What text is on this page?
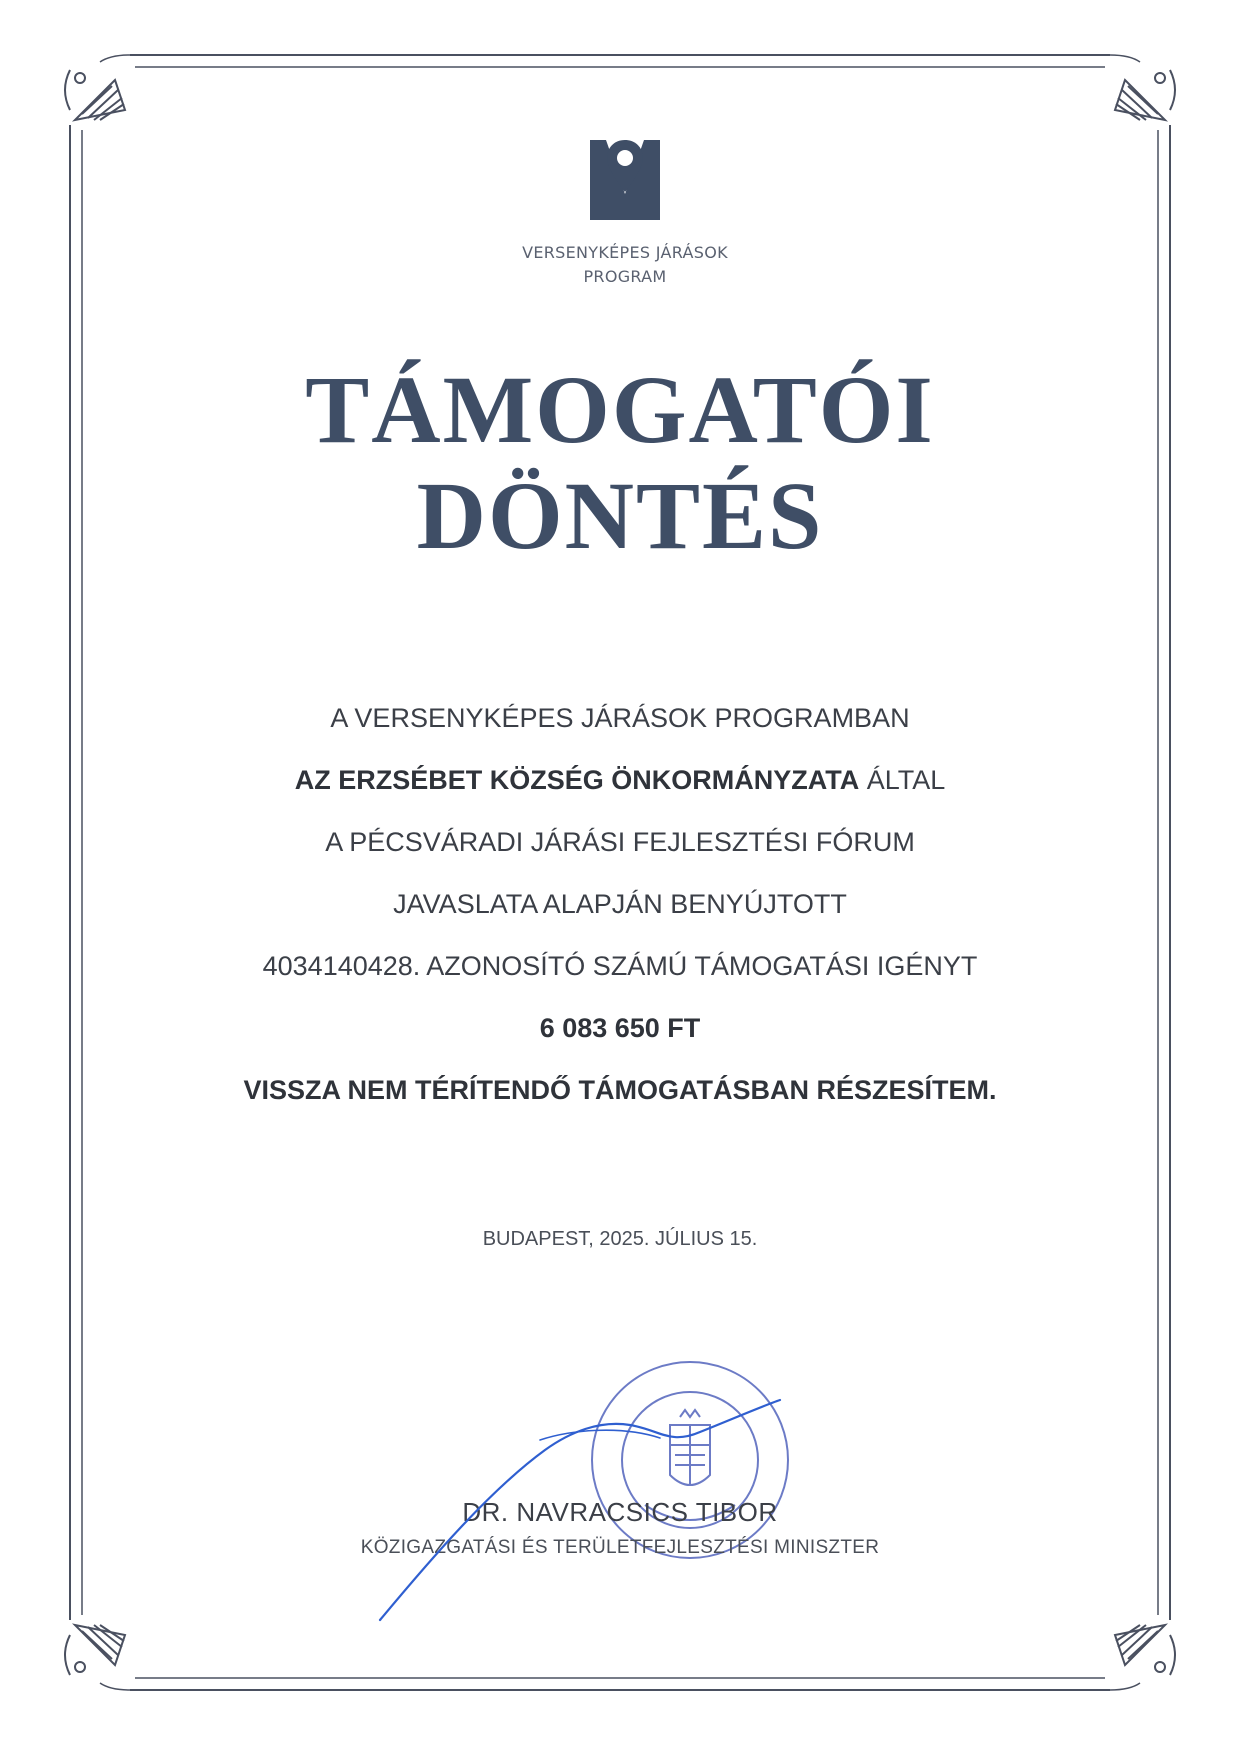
VERSENYKÉPES JÁRÁSOK
PROGRAM
TÁMOGATÓI
DÖNTÉS
A VERSENYKÉPES JÁRÁSOK PROGRAMBAN
AZ ERZSÉBET KÖZSÉG ÖNKORMÁNYZATA ÁLTAL
A PÉCSVÁRADI JÁRÁSI FEJLESZTÉSI FÓRUM
JAVASLATA ALAPJÁN BENYÚJTOTT
4034140428. AZONOSÍTÓ SZÁMÚ TÁMOGATÁSI IGÉNYT
6 083 650 FT
VISSZA NEM TÉRÍTENDŐ TÁMOGATÁSBAN RÉSZESÍTEM.
BUDAPEST, 2025. JÚLIUS 15.
DR. NAVRACSICS TIBOR
KÖZIGAZGATÁSI ÉS TERÜLETFEJLESZTÉSI MINISZTER
